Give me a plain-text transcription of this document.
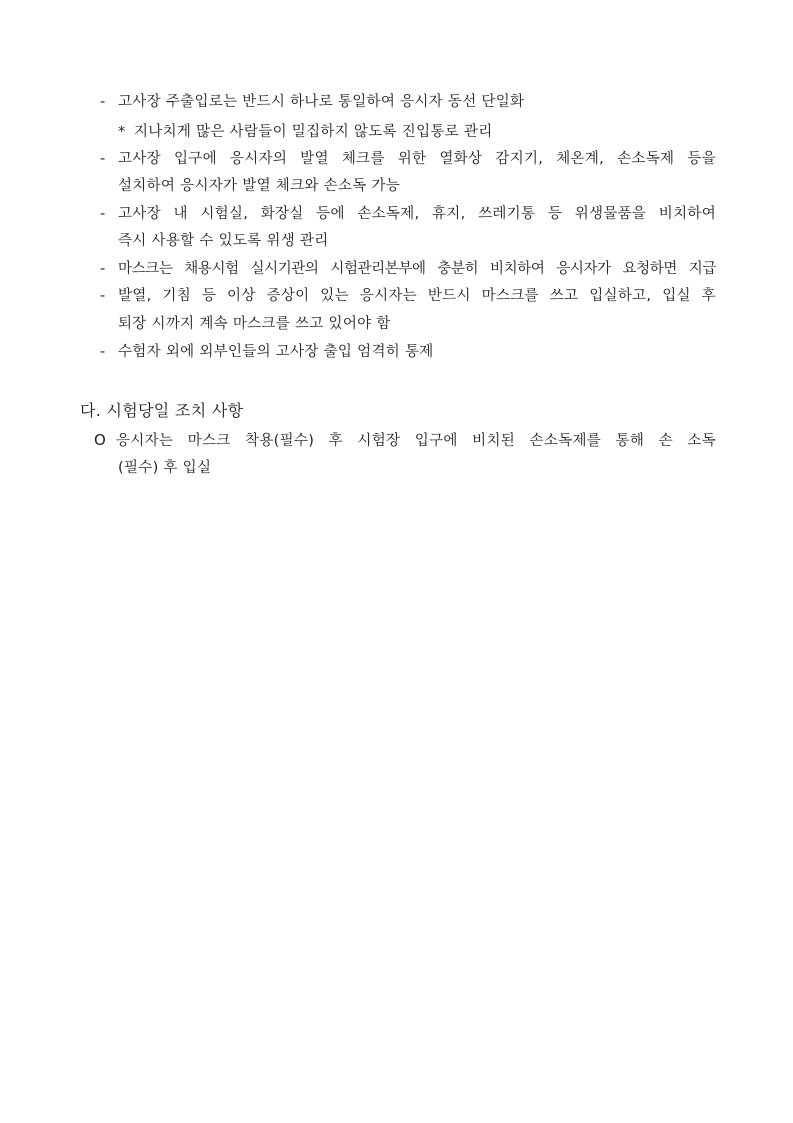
- 고사장 주출입로는 반드시 하나로 통일하여 응시자 동선 단일화
* 지나치게 많은 사람들이 밀집하지 않도록 진입통로 관리
- 고사장 입구에 응시자의 발열 체크를 위한 열화상 감지기, 체온계, 손소독제 등을
설치하여 응시자가 발열 체크와 손소독 가능
- 고사장 내 시험실, 화장실 등에 손소독제, 휴지, 쓰레기통 등 위생물품을 비치하여
즉시 사용할 수 있도록 위생 관리
- 마스크는 채용시험 실시기관의 시험관리본부에 충분히 비치하여 응시자가 요청하면 지급
- 발열, 기침 등 이상 증상이 있는 응시자는 반드시 마스크를 쓰고 입실하고, 입실 후
퇴장 시까지 계속 마스크를 쓰고 있어야 함
- 수험자 외에 외부인들의 고사장 출입 엄격히 통제
다. 시험당일 조치 사항
O 응시자는 마스크 착용(필수) 후 시험장 입구에 비치된 손소독제를 통해 손 소독
(필수) 후 입실
